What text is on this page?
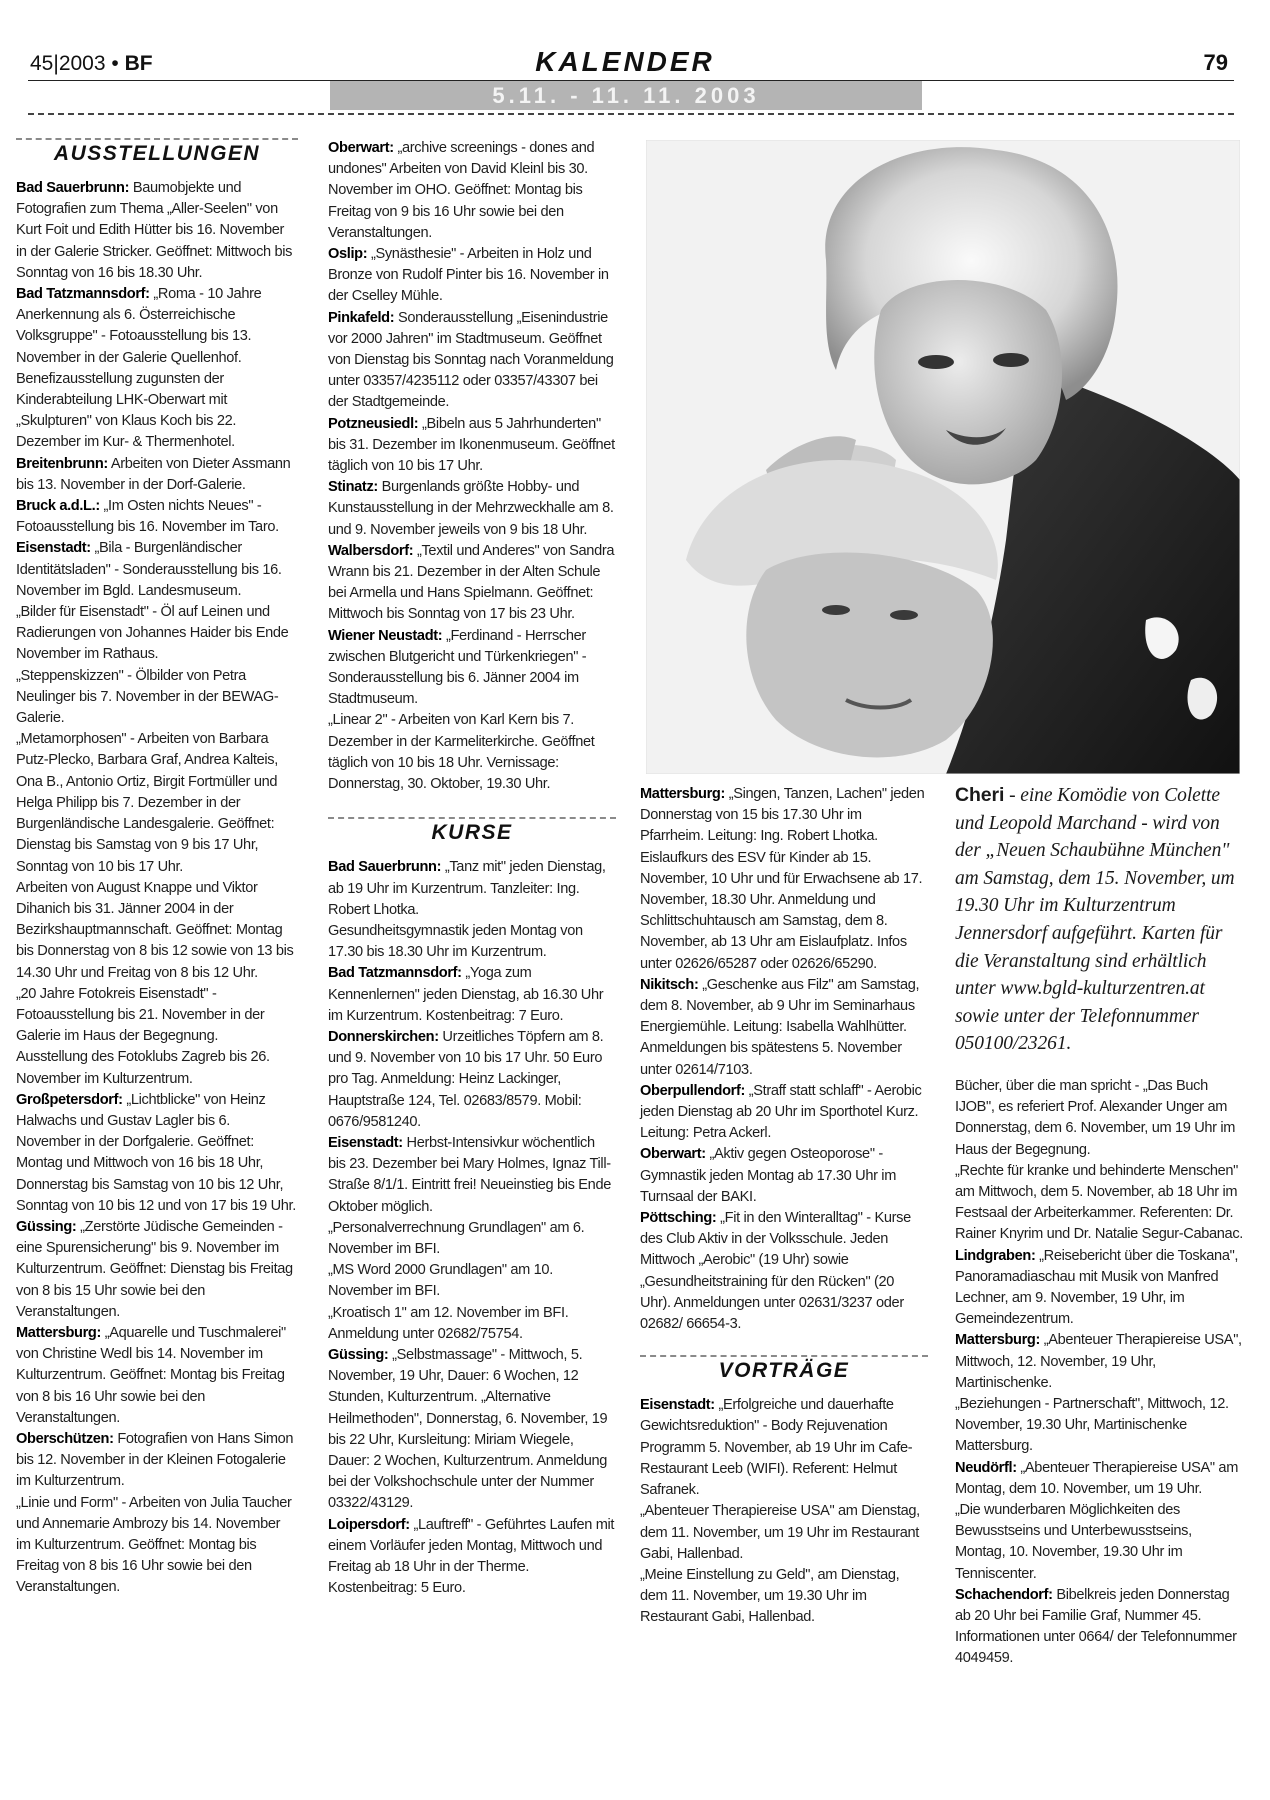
45|2003 • BF	KALENDER	79
5.11. - 11. 11. 2003
AUSSTELLUNGEN

Bad Sauerbrunn: Baumobjekte und Fotografien zum Thema „Aller-Seelen" von Kurt Foit und Edith Hütter bis 16. November in der Galerie Stricker. Geöffnet: Mittwoch bis Sonntag von 16 bis 18.30 Uhr.

Bad Tatzmannsdorf: „Roma - 10 Jahre Anerkennung als 6. Österreichische Volksgruppe" - Fotoausstellung bis 13. November in der Galerie Quellenhof.

Benefizausstellung zugunsten der Kinderabteilung LHK-Oberwart mit „Skulpturen" von Klaus Koch bis 22. Dezember im Kur- & Thermenhotel.

Breitenbrunn: Arbeiten von Dieter Assmann bis 13. November in der Dorf-Galerie.

Bruck a.d.L.: „Im Osten nichts Neues" - Fotoausstellung bis 16. November im Taro.

Eisenstadt: „Bila - Burgenländischer Identitätsladen" - Sonderausstellung bis 16. November im Bgld. Landesmuseum.

„Bilder für Eisenstadt" - Öl auf Leinen und Radierungen von Johannes Haider bis Ende November im Rathaus.

„Steppenskizzen" - Ölbilder von Petra Neulinger bis 7. November in der BEWAG-Galerie.

„Metamorphosen" - Arbeiten von Barbara Putz-Plecko, Barbara Graf, Andrea Kalteis, Ona B., Antonio Ortiz, Birgit Fortmüller und Helga Philipp bis 7. Dezember in der Burgenländische Landesgalerie. Geöffnet: Dienstag bis Samstag von 9 bis 17 Uhr, Sonntag von 10 bis 17 Uhr.

Arbeiten von August Knappe und Viktor Dihanich bis 31. Jänner 2004 in der Bezirkshauptmannschaft. Geöffnet: Montag bis Donnerstag von 8 bis 12 sowie von 13 bis 14.30 Uhr und Freitag von 8 bis 12 Uhr.

„20 Jahre Fotokreis Eisenstadt" - Fotoausstellung bis 21. November in der Galerie im Haus der Begegnung.

Ausstellung des Fotoklubs Zagreb bis 26. November im Kulturzentrum.

Großpetersdorf: „Lichtblicke" von Heinz Halwachs und Gustav Lagler bis 6. November in der Dorfgalerie. Geöffnet: Montag und Mittwoch von 16 bis 18 Uhr, Donnerstag bis Samstag von 10 bis 12 Uhr, Sonntag von 10 bis 12 und von 17 bis 19 Uhr.

Güssing: „Zerstörte Jüdische Gemeinden - eine Spurensicherung" bis 9. November im Kulturzentrum. Geöffnet: Dienstag bis Freitag von 8 bis 15 Uhr sowie bei den Veranstaltungen.

Mattersburg: „Aquarelle und Tuschmalerei" von Christine Wedl bis 14. November im Kulturzentrum. Geöffnet: Montag bis Freitag von 8 bis 16 Uhr sowie bei den Veranstaltungen.

Oberschützen: Fotografien von Hans Simon bis 12. November in der Kleinen Fotogalerie im Kulturzentrum.

„Linie und Form" - Arbeiten von Julia Taucher und Annemarie Ambrozy bis 14. November im Kulturzentrum. Geöffnet: Montag bis Freitag von 8 bis 16 Uhr sowie bei den Veranstaltungen.

Oberwart: „archive screenings - dones and undones" Arbeiten von David Kleinl bis 30. November im OHO. Geöffnet: Montag bis Freitag von 9 bis 16 Uhr sowie bei den Veranstaltungen.

Oslip: „Synästhesie" - Arbeiten in Holz und Bronze von Rudolf Pinter bis 16. November in der Cselley Mühle.

Pinkafeld: Sonderausstellung „Eisenindustrie vor 2000 Jahren" im Stadtmuseum. Geöffnet von Dienstag bis Sonntag nach Voranmeldung unter 03357/4235112 oder 03357/43307 bei der Stadtgemeinde.

Potzneusiedl: „Bibeln aus 5 Jahrhunderten" bis 31. Dezember im Ikonenmuseum. Geöffnet täglich von 10 bis 17 Uhr.

Stinatz: Burgenlands größte Hobby- und Kunstausstellung in der Mehrzweckhalle am 8. und 9. November jeweils von 9 bis 18 Uhr.

Walbersdorf: „Textil und Anderes" von Sandra Wrann bis 21. Dezember in der Alten Schule bei Armella und Hans Spielmann. Geöffnet: Mittwoch bis Sonntag von 17 bis 23 Uhr.

Wiener Neustadt: „Ferdinand - Herrscher zwischen Blutgericht und Türkenkriegen" - Sonderausstellung bis 6. Jänner 2004 im Stadtmuseum.

„Linear 2" - Arbeiten von Karl Kern bis 7. Dezember in der Karmeliterkirche. Geöffnet täglich von 10 bis 18 Uhr. Vernissage: Donnerstag, 30. Oktober, 19.30 Uhr.

KURSE

Bad Sauerbrunn: „Tanz mit" jeden Dienstag, ab 19 Uhr im Kurzentrum. Tanzleiter: Ing. Robert Lhotka.

Gesundheitsgymnastik jeden Montag von 17.30 bis 18.30 Uhr im Kurzentrum.

Bad Tatzmannsdorf: „Yoga zum Kennenlernen" jeden Dienstag, ab 16.30 Uhr im Kurzentrum. Kostenbeitrag: 7 Euro.

Donnerskirchen: Urzeitliches Töpfern am 8. und 9. November von 10 bis 17 Uhr. 50 Euro pro Tag. Anmeldung: Heinz Lackinger, Hauptstraße 124, Tel. 02683/8579. Mobil: 0676/9581240.

Eisenstadt: Herbst-Intensivkur wöchentlich bis 23. Dezember bei Mary Holmes, Ignaz Till-Straße 8/1/1. Eintritt frei! Neueinstieg bis Ende Oktober möglich.

„Personalverrechnung Grundlagen" am 6. November im BFI.

„MS Word 2000 Grundlagen" am 10. November im BFI.

„Kroatisch 1" am 12. November im BFI. Anmeldung unter 02682/75754.

Güssing: „Selbstmassage" - Mittwoch, 5. November, 19 Uhr, Dauer: 6 Wochen, 12 Stunden, Kulturzentrum. „Alternative Heilmethoden", Donnerstag, 6. November, 19 bis 22 Uhr, Kursleitung: Miriam Wiegele, Dauer: 2 Wochen, Kulturzentrum. Anmeldung bei der Volkshochschule unter der Nummer 03322/43129.

Loipersdorf: „Lauftreff" - Geführtes Laufen mit einem Vorläufer jeden Montag, Mittwoch und Freitag ab 18 Uhr in der Therme. Kostenbeitrag: 5 Euro.

Mattersburg: „Singen, Tanzen, Lachen" jeden Donnerstag von 15 bis 17.30 Uhr im Pfarrheim. Leitung: Ing. Robert Lhotka.

Eislaufkurs des ESV für Kinder ab 15. November, 10 Uhr und für Erwachsene ab 17. November, 18.30 Uhr. Anmeldung und Schlittschuhtausch am Samstag, dem 8. November, ab 13 Uhr am Eislaufplatz. Infos unter 02626/65287 oder 02626/65290.

Nikitsch: „Geschenke aus Filz" am Samstag, dem 8. November, ab 9 Uhr im Seminarhaus Energiemühle. Leitung: Isabella Wahlhütter. Anmeldungen bis spätestens 5. November unter 02614/7103.

Oberpullendorf: „Straff statt schlaff" - Aerobic jeden Dienstag ab 20 Uhr im Sporthotel Kurz. Leitung: Petra Ackerl.

Oberwart: „Aktiv gegen Osteoporose" - Gymnastik jeden Montag ab 17.30 Uhr im Turnsaal der BAKI.

Pöttsching: „Fit in den Winteralltag" - Kurse des Club Aktiv in der Volksschule. Jeden Mittwoch „Aerobic" (19 Uhr) sowie „Gesundheitstraining für den Rücken" (20 Uhr). Anmeldungen unter 02631/3237 oder 02682/ 66654-3.

VORTRÄGE

Eisenstadt: „Erfolgreiche und dauerhafte Gewichtsreduktion" - Body Rejuvenation Programm 5. November, ab 19 Uhr im Cafe-Restaurant Leeb (WIFI). Referent: Helmut Safranek.

„Abenteuer Therapiereise USA" am Dienstag, dem 11. November, um 19 Uhr im Restaurant Gabi, Hallenbad.

„Meine Einstellung zu Geld", am Dienstag, dem 11. November, um 19.30 Uhr im Restaurant Gabi, Hallenbad.

Cheri - eine Komödie von Colette und Leopold Marchand - wird von der „Neuen Schaubühne München" am Samstag, dem 15. November, um 19.30 Uhr im Kulturzentrum Jennersdorf aufgeführt. Karten für die Veranstaltung sind erhältlich unter www.bgld-kulturzentren.at sowie unter der Telefonnummer 050100/23261.

Bücher, über die man spricht - „Das Buch IJOB", es referiert Prof. Alexander Unger am Donnerstag, dem 6. November, um 19 Uhr im Haus der Begegnung.

„Rechte für kranke und behinderte Menschen" am Mittwoch, dem 5. November, ab 18 Uhr im Festsaal der Arbeiterkammer. Referenten: Dr. Rainer Knyrim und Dr. Natalie Segur-Cabanac.

Lindgraben: „Reisebericht über die Toskana", Panoramadiaschau mit Musik von Manfred Lechner, am 9. November, 19 Uhr, im Gemeindezentrum.

Mattersburg: „Abenteuer Therapiereise USA", Mittwoch, 12. November, 19 Uhr, Martinischenke.

„Beziehungen - Partnerschaft", Mittwoch, 12. November, 19.30 Uhr, Martinischenke Mattersburg.

Neudörfl: „Abenteuer Therapiereise USA" am Montag, dem 10. November, um 19 Uhr.

„Die wunderbaren Möglichkeiten des Bewusstseins und Unterbewusstseins, Montag, 10. November, 19.30 Uhr im Tenniscenter.

Schachendorf: Bibelkreis jeden Donnerstag ab 20 Uhr bei Familie Graf, Nummer 45. Informationen unter 0664/ der Telefonnummer 4049459.
